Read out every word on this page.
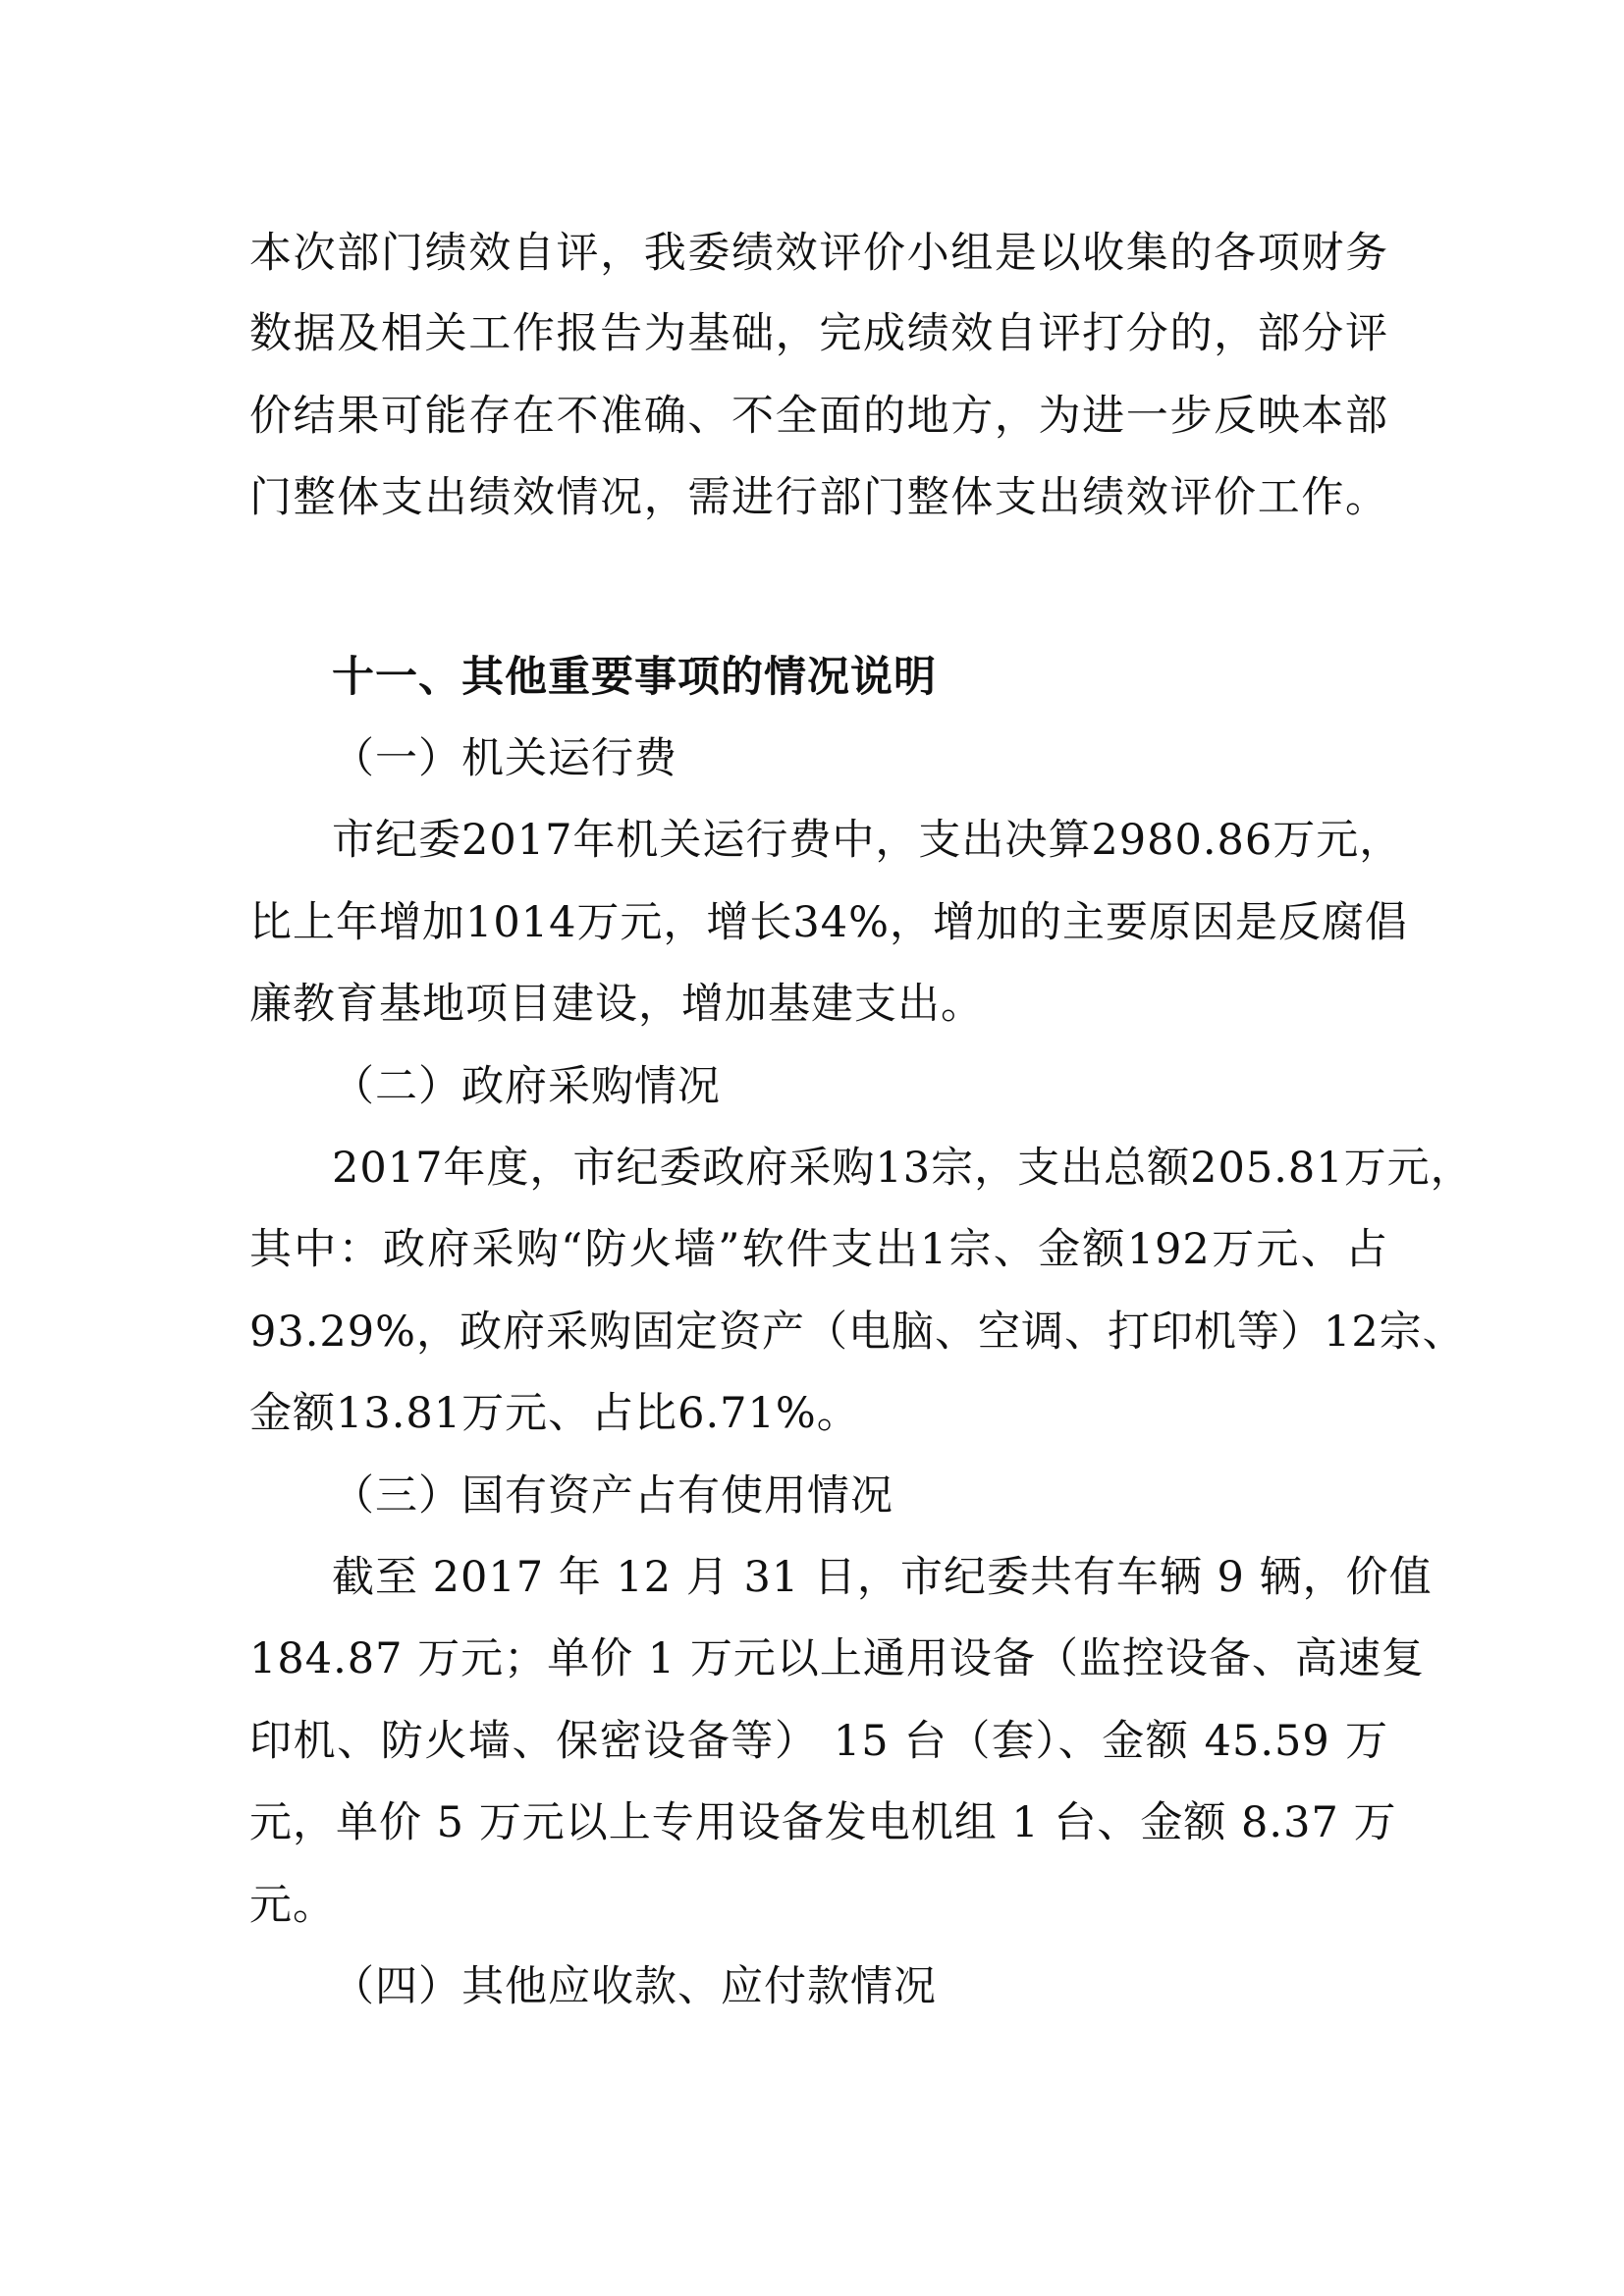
本次部门绩效自评，我委绩效评价小组是以收集的各项财务
数据及相关工作报告为基础，完成绩效自评打分的，部分评
价结果可能存在不准确、不全面的地方，为进一步反映本部
门整体支出绩效情况，需进行部门整体支出绩效评价工作。
十一、其他重要事项的情况说明
（一）机关运行费
市纪委2017年机关运行费中，支出决算2980.86万元，
比上年增加1014万元，增长34%，增加的主要原因是反腐倡
廉教育基地项目建设，增加基建支出。
（二）政府采购情况
2017年度，市纪委政府采购13宗，支出总额205.81万元，
其中：政府采购“防火墙”软件支出1宗、金额192万元、占
93.29%，政府采购固定资产（电脑、空调、打印机等）12宗、
金额13.81万元、占比6.71%。
（三）国有资产占有使用情况
截至 2017 年 12 月 31 日，市纪委共有车辆 9 辆，价值
184.87 万元；单价 1 万元以上通用设备（监控设备、高速复
印机、防火墙、保密设备等） 15 台（套）、金额 45.59 万
元，单价 5 万元以上专用设备发电机组 1 台、金额 8.37 万
元。
（四）其他应收款、应付款情况
